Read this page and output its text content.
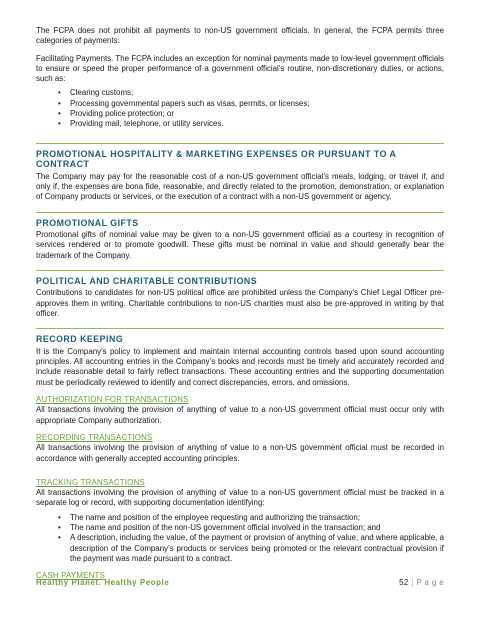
The FCPA does not prohibit all payments to non-US government officials. In general, the FCPA permits three categories of payments:

Facilitating Payments. The FCPA includes an exception for nominal payments made to low-level government officials to ensure or speed the proper performance of a government official’s routine, non-discretionary duties, or actions, such as:

• Clearing customs;
• Processing governmental papers such as visas, permits, or licenses;
• Providing police protection; or
• Providing mail, telephone, or utility services.
PROMOTIONAL HOSPITALITY & MARKETING EXPENSES OR PURSUANT TO A CONTRACT

The Company may pay for the reasonable cost of a non-US government official’s meals, lodging, or travel if, and only if, the expenses are bona fide, reasonable, and directly related to the promotion, demonstration, or explanation of Company products or services, or the execution of a contract with a non-US government or agency.

PROMOTIONAL GIFTS

Promotional gifts of nominal value may be given to a non-US government official as a courtesy in recognition of services rendered or to promote goodwill. These gifts must be nominal in value and should generally bear the trademark of the Company.

POLITICAL AND CHARITABLE CONTRIBUTIONS

Contributions to candidates for non-US political office are prohibited unless the Company’s Chief Legal Officer pre-approves them in writing. Charitable contributions to non-US charities must also be pre-approved in writing by that officer.

RECORD KEEPING

It is the Company’s policy to implement and maintain internal accounting controls based upon sound accounting principles. All accounting entries in the Company’s books and records must be timely and accurately recorded and include reasonable detail to fairly reflect transactions. These accounting entries and the supporting documentation must be periodically reviewed to identify and correct discrepancies, errors, and omissions.

AUTHORIZATION FOR TRANSACTIONS

All transactions involving the provision of anything of value to a non-US government official must occur only with appropriate Company authorization.

RECORDING TRANSACTIONS

All transactions involving the provision of anything of value to a non-US government official must be recorded in accordance with generally accepted accounting principles.

TRACKING TRANSACTIONS

All transactions involving the provision of anything of value to a non-US government official must be tracked in a separate log or record, with supporting documentation identifying:

• The name and position of the employee requesting and authorizing the transaction;
• The name and position of the non-US government official involved in the transaction; and
• A description, including the value, of the payment or provision of anything of value, and where applicable, a description of the Company’s products or services being promoted or the relevant contractual provision if the payment was made pursuant to a contract.
CASH PAYMENTS
Healthy Planet. Healthy People	52 | P a g e
